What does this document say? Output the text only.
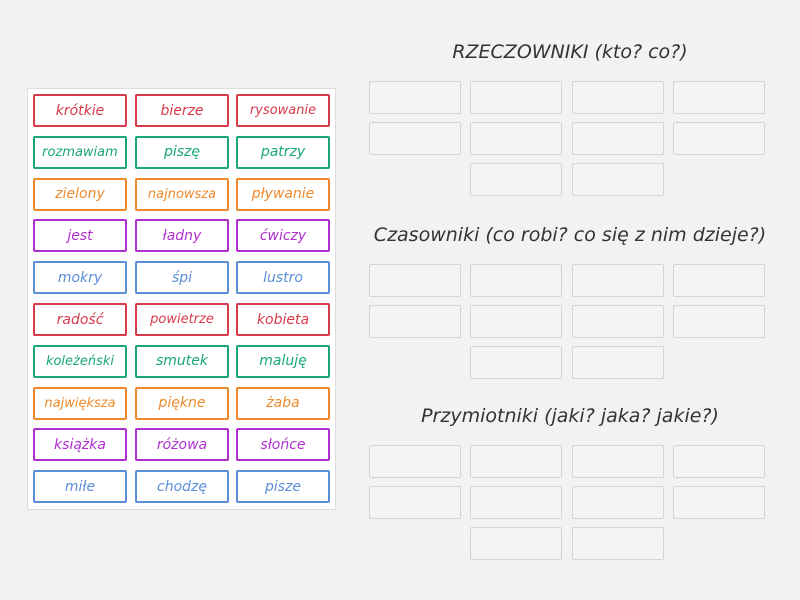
krótkie	bierze	rysowanie
rozmawiam	piszę	patrzy
zielony	najnowsza	pływanie
jest	ładny	ćwiczy
mokry	śpi	lustro
radość	powietrze	kobieta
koleżeński	smutek	maluję
największa	piękne	żaba
książka	różowa	słońce
miłe	chodzę	pisze
RZECZOWNIKI (kto? co?)
Czasowniki (co robi? co się z nim dzieje?)
Przymiotniki (jaki? jaka? jakie?)
